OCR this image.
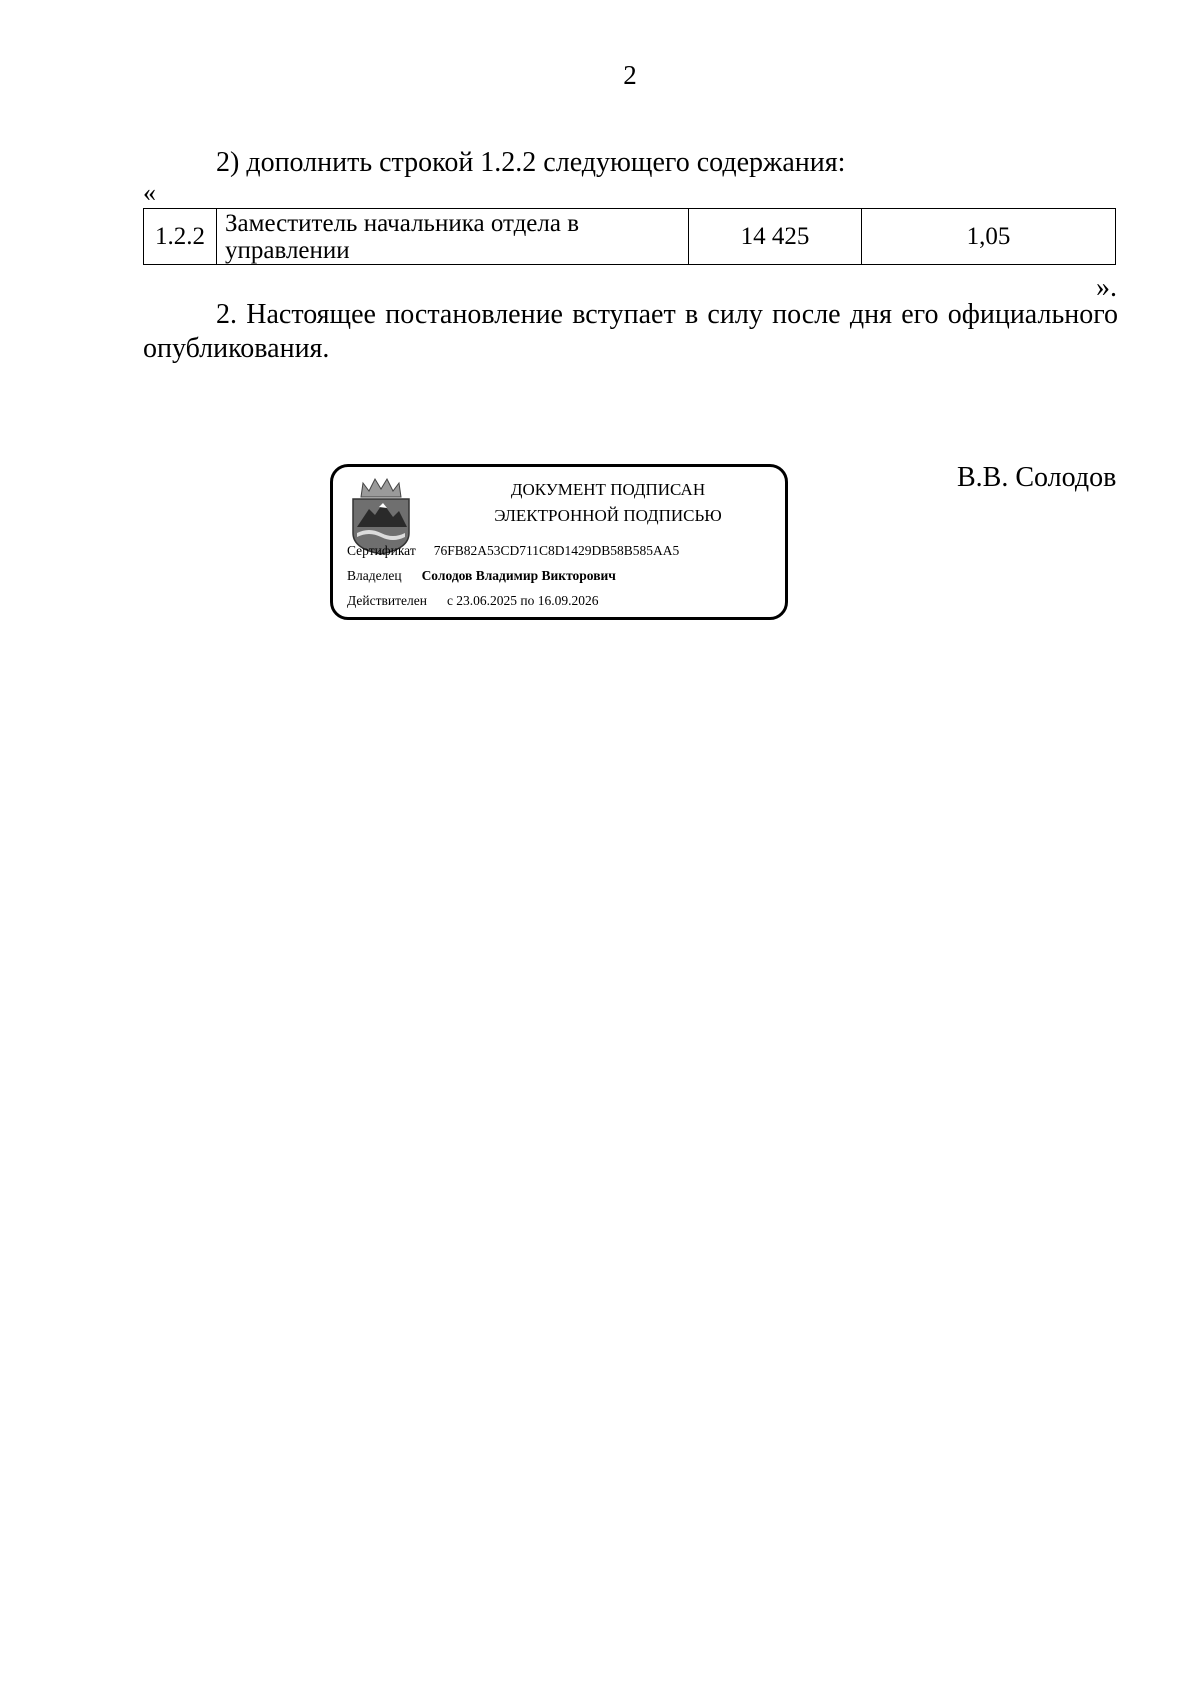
2
2) дополнить строкой 1.2.2 следующего содержания:
«
1.2.2	Заместитель начальника отдела в управлении	14 425	1,05
».
2. Настоящее постановление вступает в силу после дня его официального опубликования.
В.В. Солодов
ДОКУМЕНТ ПОДПИСАН
ЭЛЕКТРОННОЙ ПОДПИСЬЮ
Сертификат 76FB82A53CD711C8D1429DB58B585AA5
Владелец Солодов Владимир Викторович
Действителен с 23.06.2025 по 16.09.2026
